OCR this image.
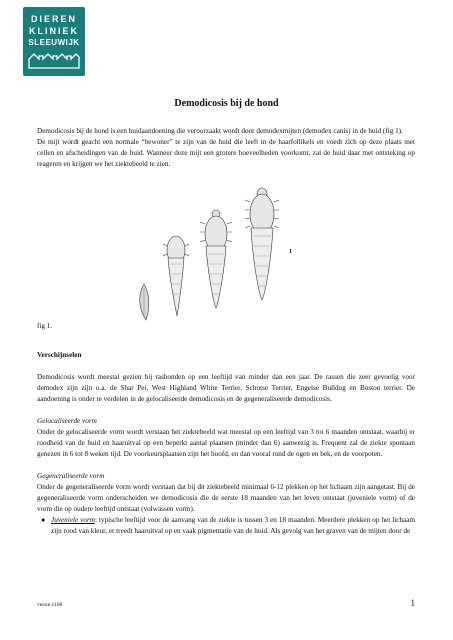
DIEREN
KLINIEK
SLEEUWIJK
Demodicosis bij de hond

Demodicosis bij de hond is een huidaandoening die veroorzaakt wordt door demodexmijten (demodex canis) in de huid (fig 1).

De mijt wordt geacht een normale “bewoner” te zijn van de huid die leeft in de haarfollikels en voedt zich op deze plaats met cellen en afscheidingen van de huid. Wanneer deze mijt een grotere hoeveelheden voorkomt, zal de huid daar met ontsteking op reageren en krijgen we het ziektebeeld te zien.

1
fig 1.

Verschijnselen

Demodicosis wordt meestal gezien bij rashonden op een leeftijd van minder dan een jaar. De rassen die zeer gevoelig voor demodex zijn zijn o.a. de Shar Pei, West Highland White Terrier, Schotse Terrier, Engelse Bulldog en Boston terrier. De aandoening is onder te verdelen in de gelocaliseerde demodicosis en de gegeneraliseerde demodicosis.

Gelocaliseerde vorm

Onder de gelocaliseerde vorm wordt verstaan het ziektebeeld wat meestal op een leeftijd van 3 tot 6 maanden ontstaat, waarbij er roodheid van de huid en haaruitval op een beperkt aantal plaatsen (minder dan 6) aanwezig is. Frequent zal de ziekte spontaan genezen in 6 tot 8 weken tijd. De voorkeursplaatsen zijn het hoofd, en dan vooral rond de ogen en bek, en de voorpoten.

Gegeneraliseerde vorm

Onder de gegeneraliseerde vorm wordt verstaan dat bij dit ziektebeeld minimaal 6-12 plekken op het lichaam zijn aangetast. Bij de gegeneraliseerde vorm onderscheiden we demodicosis die de eerste 18 maanden van het leven ontstaat (juveniele vorm) of de vorm die op oudere leeftijd ontstaat (volwassen vorm).

● Juveniele vorm: typische leeftijd voor de aanvang van de ziekte is tussen 3 en 18 maanden. Meerdere plekken op het lichaam zijn rood van kleur, er treedt haaruitval op en vaak pigmentatie van de huid. Als gevolg van het graven van de mijten door de
versie 1108	1
